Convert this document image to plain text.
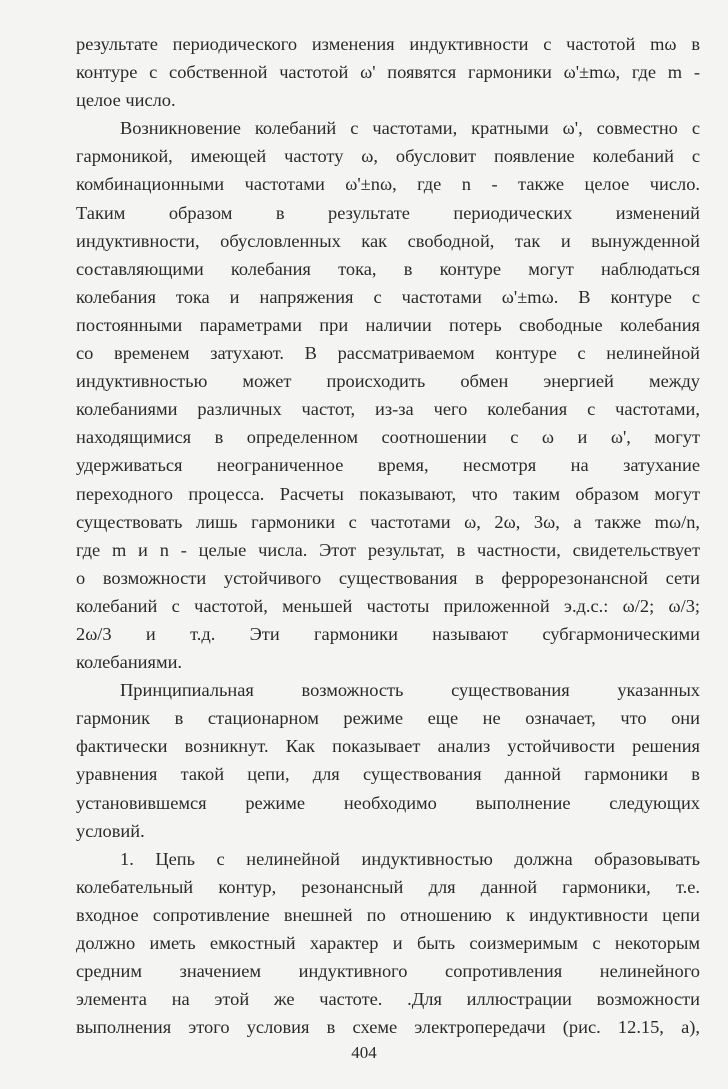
результате периодического изменения индуктивности с частотой mω в
контуре с собственной частотой ω' появятся гармоники ω'±mω, где m -
целое число.
Возникновение колебаний с частотами, кратными ω', совместно с
гармоникой, имеющей частоту ω, обусловит появление колебаний с
комбинационными частотами ω'±nω, где n - также целое число.
Таким образом в результате периодических изменений
индуктивности, обусловленных как свободной, так и вынужденной
составляющими колебания тока, в контуре могут наблюдаться
колебания тока и напряжения с частотами ω'±mω. В контуре с
постоянными параметрами при наличии потерь свободные колебания
со временем затухают. В рассматриваемом контуре с нелинейной
индуктивностью может происходить обмен энергией между
колебаниями различных частот, из-за чего колебания с частотами,
находящимися в определенном соотношении с ω и ω', могут
удерживаться неограниченное время, несмотря на затухание
переходного процесса. Расчеты показывают, что таким образом могут
существовать лишь гармоники с частотами ω, 2ω, 3ω, а также mω/n,
где m и n - целые числа. Этот результат, в частности, свидетельствует
о возможности устойчивого существования в феррорезонансной сети
колебаний с частотой, меньшей частоты приложенной э.д.с.: ω/2; ω/3;
2ω/3 и т.д. Эти гармоники называют субгармоническими
колебаниями.
Принципиальная возможность существования указанных
гармоник в стационарном режиме еще не означает, что они
фактически возникнут. Как показывает анализ устойчивости решения
уравнения такой цепи, для существования данной гармоники в
установившемся режиме необходимо выполнение следующих
условий.
1. Цепь с нелинейной индуктивностью должна образовывать
колебательный контур, резонансный для данной гармоники, т.е.
входное сопротивление внешней по отношению к индуктивности цепи
должно иметь емкостный характер и быть соизмеримым с некоторым
средним значением индуктивного сопротивления нелинейного
элемента на этой же частоте. .Для иллюстрации возможности
выполнения этого условия в схеме электропередачи (рис. 12.15, а),
404
